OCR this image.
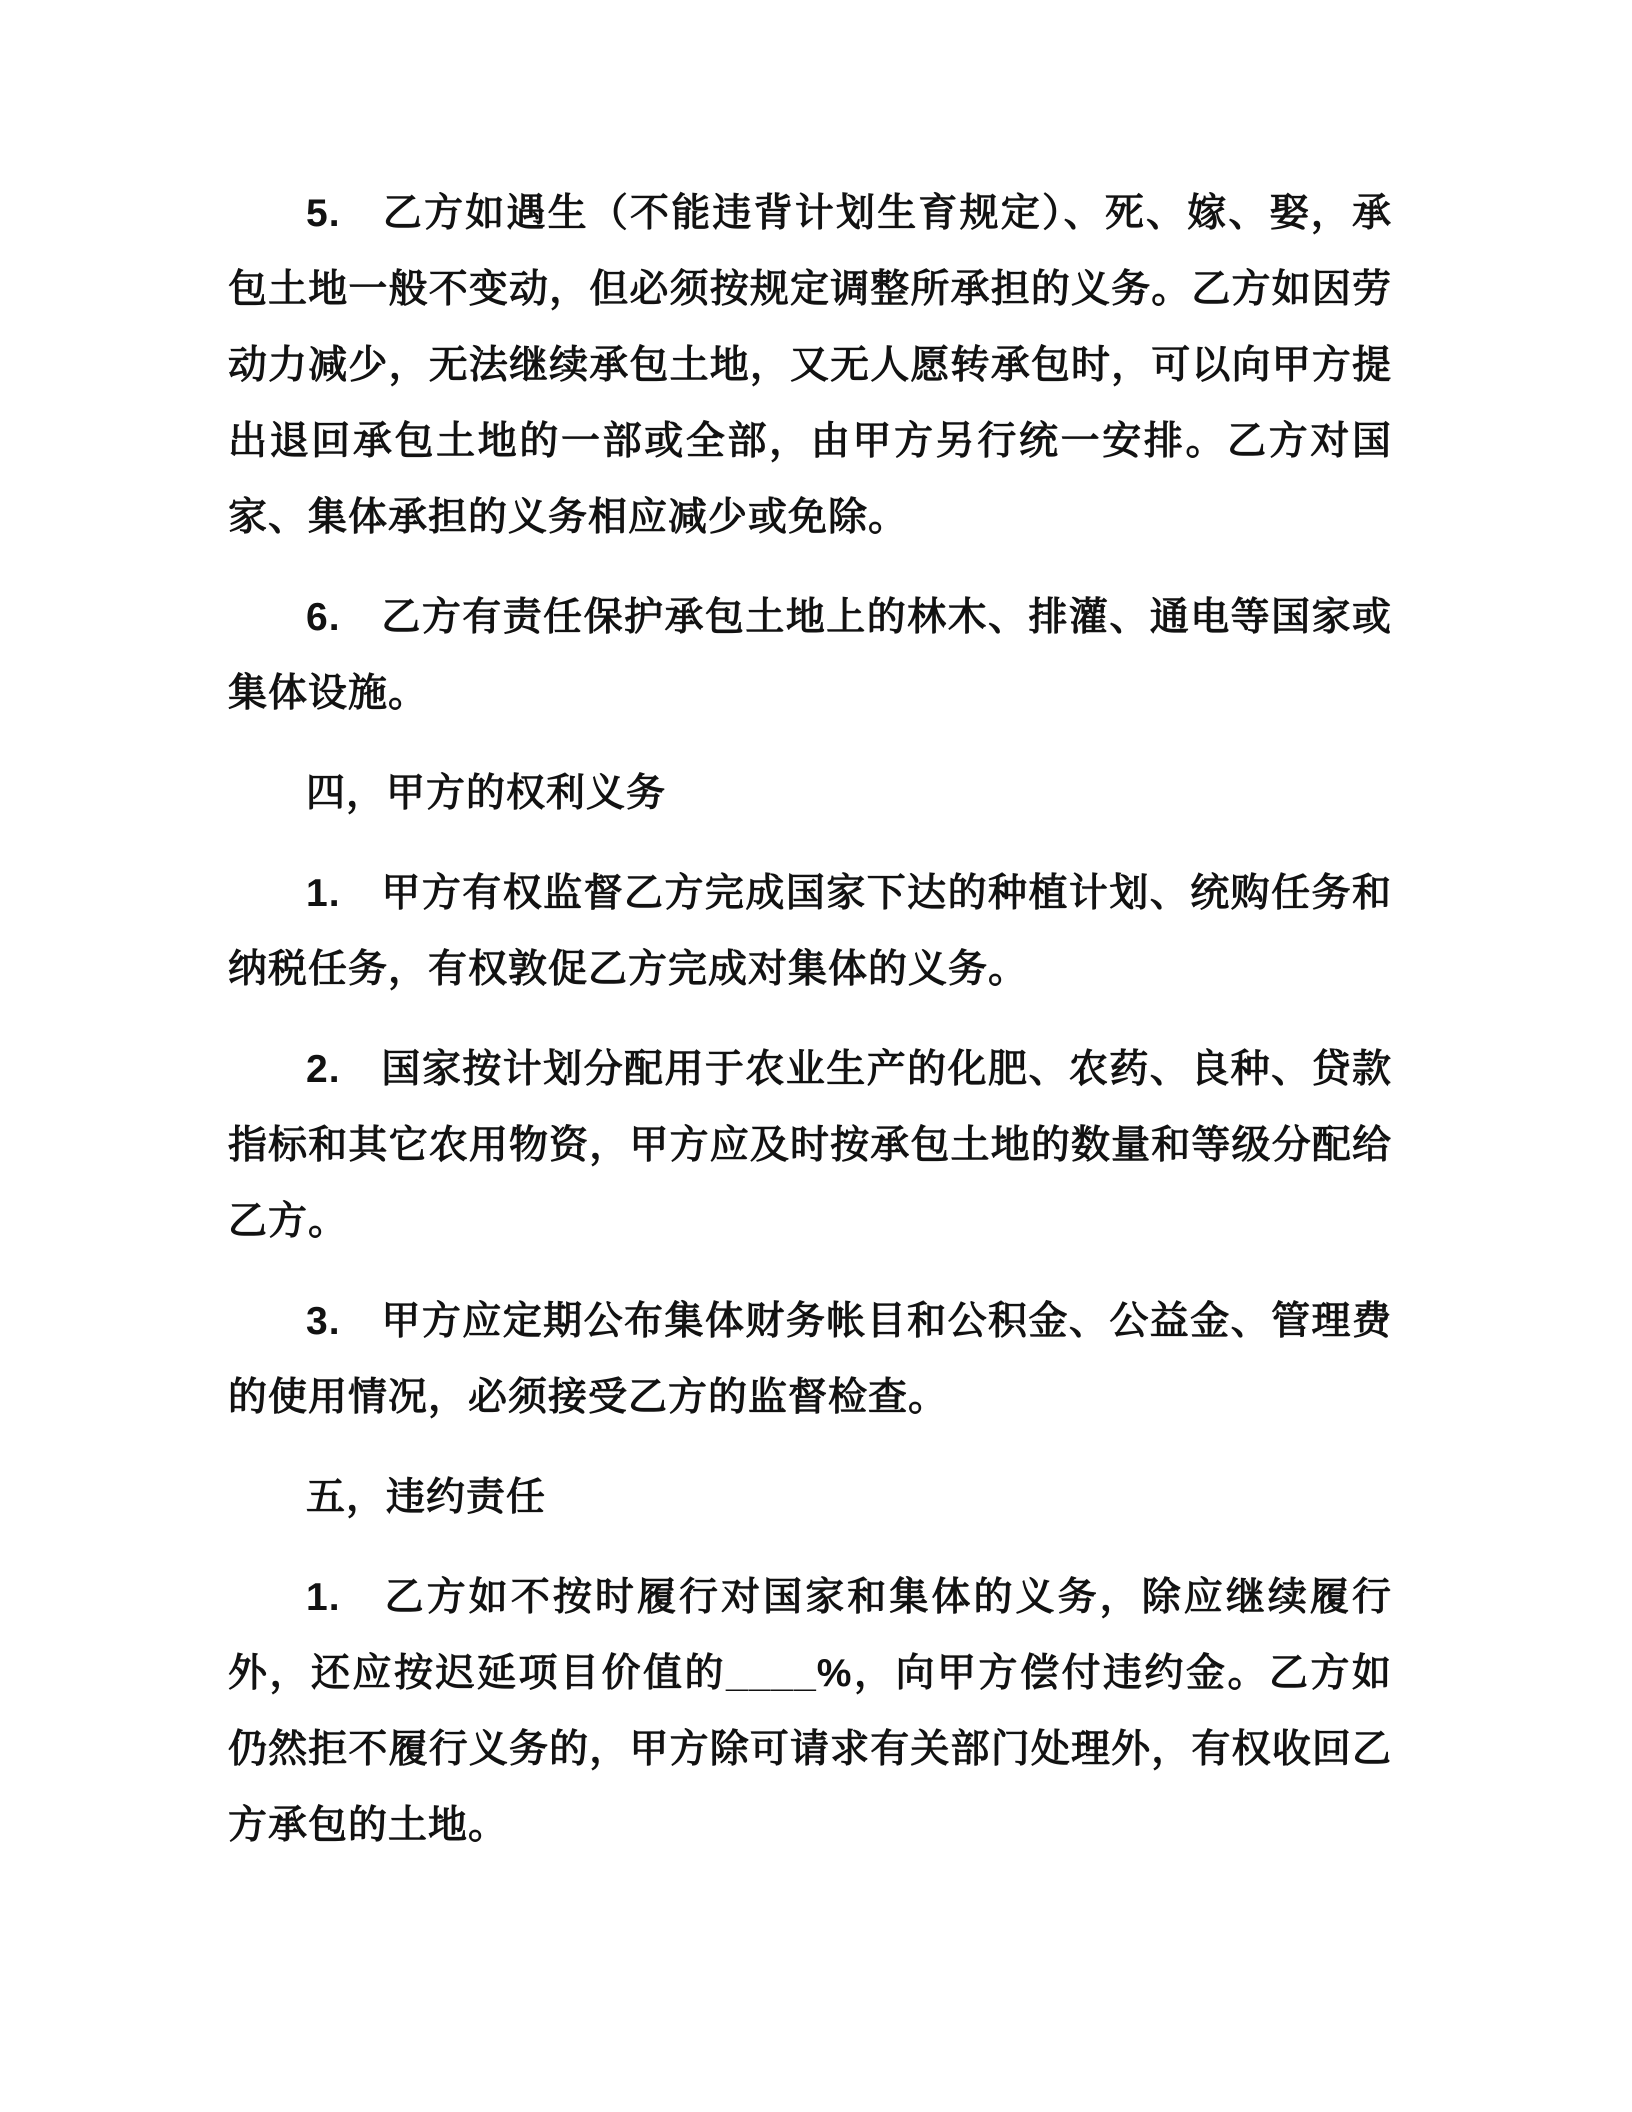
5.　乙方如遇生（不能违背计划生育规定）、死、嫁、娶，承包土地一般不变动，但必须按规定调整所承担的义务。乙方如因劳动力减少，无法继续承包土地，又无人愿转承包时，可以向甲方提出退回承包土地的一部或全部，由甲方另行统一安排。乙方对国家、集体承担的义务相应减少或免除。

6.　乙方有责任保护承包土地上的林木、排灌、通电等国家或集体设施。

四，甲方的权利义务

1.　甲方有权监督乙方完成国家下达的种植计划、统购任务和纳税任务，有权敦促乙方完成对集体的义务。

2.　国家按计划分配用于农业生产的化肥、农药、良种、贷款指标和其它农用物资，甲方应及时按承包土地的数量和等级分配给乙方。

3.　甲方应定期公布集体财务帐目和公积金、公益金、管理费的使用情况，必须接受乙方的监督检查。

五，违约责任

1.　乙方如不按时履行对国家和集体的义务，除应继续履行外，还应按迟延项目价值的____%，向甲方偿付违约金。乙方如仍然拒不履行义务的，甲方除可请求有关部门处理外，有权收回乙方承包的土地。
